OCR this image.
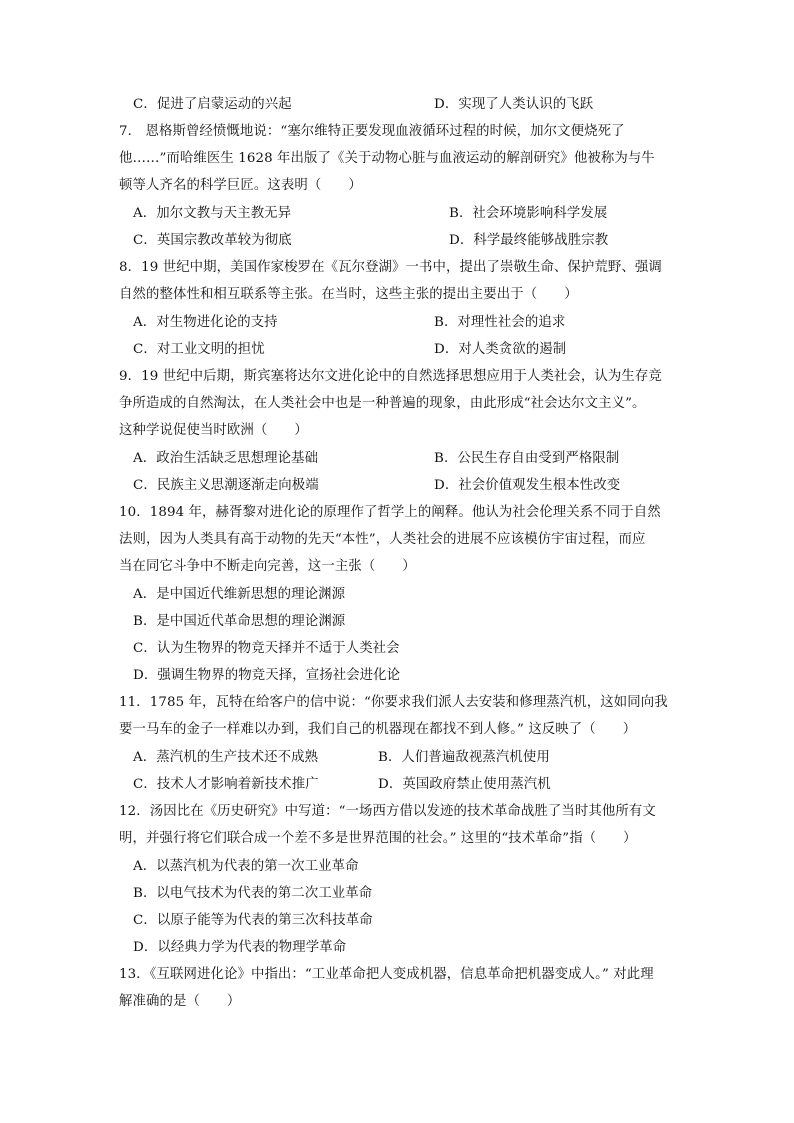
C．促进了启蒙运动的兴起	D．实现了人类认识的飞跃
7． 恩格斯曾经愤慨地说：“塞尔维特正要发现血液循环过程的时候，加尔文便烧死了
他……”而哈维医生 1628 年出版了《关于动物心脏与血液运动的解剖研究》他被称为与牛
顿等人齐名的科学巨匠。这表明（　　）
A．加尔文教与天主教无异	B．社会环境影响科学发展
C．英国宗教改革较为彻底	D．科学最终能够战胜宗教
8．19 世纪中期，美国作家梭罗在《瓦尔登湖》一书中，提出了崇敬生命、保护荒野、强调
自然的整体性和相互联系等主张。在当时，这些主张的提出主要出于（　　）
A．对生物进化论的支持	B．对理性社会的追求
C．对工业文明的担忧	D．对人类贪欲的遏制
9．19 世纪中后期，斯宾塞将达尔文进化论中的自然选择思想应用于人类社会，认为生存竞
争所造成的自然淘汰，在人类社会中也是一种普遍的现象，由此形成“社会达尔文主义”。
这种学说促使当时欧洲（　　）
A．政治生活缺乏思想理论基础	B．公民生存自由受到严格限制
C．民族主义思潮逐渐走向极端	D．社会价值观发生根本性改变
10．1894 年，赫胥黎对进化论的原理作了哲学上的阐释。他认为社会伦理关系不同于自然
法则，因为人类具有高于动物的先天“本性”，人类社会的进展不应该模仿宇宙过程，而应
当在同它斗争中不断走向完善，这一主张（　　）
A．是中国近代维新思想的理论渊源
B．是中国近代革命思想的理论渊源
C．认为生物界的物竞天择并不适于人类社会
D．强调生物界的物竞天择，宣扬社会进化论
11．1785 年，瓦特在给客户的信中说：“你要求我们派人去安装和修理蒸汽机，这如同向我
要一马车的金子一样难以办到，我们自己的机器现在都找不到人修。” 这反映了（　　）
A．蒸汽机的生产技术还不成熟	B．人们普遍敌视蒸汽机使用
C．技术人才影响着新技术推广	D．英国政府禁止使用蒸汽机
12．汤因比在《历史研究》中写道：“一场西方借以发迹的技术革命战胜了当时其他所有文
明，并强行将它们联合成一个差不多是世界范围的社会。” 这里的“技术革命”指（　　）
A．以蒸汽机为代表的第一次工业革命
B．以电气技术为代表的第二次工业革命
C．以原子能等为代表的第三次科技革命
D．以经典力学为代表的物理学革命
13．《互联网进化论》中指出：“工业革命把人变成机器，信息革命把机器变成人。” 对此理
解准确的是（　　）
